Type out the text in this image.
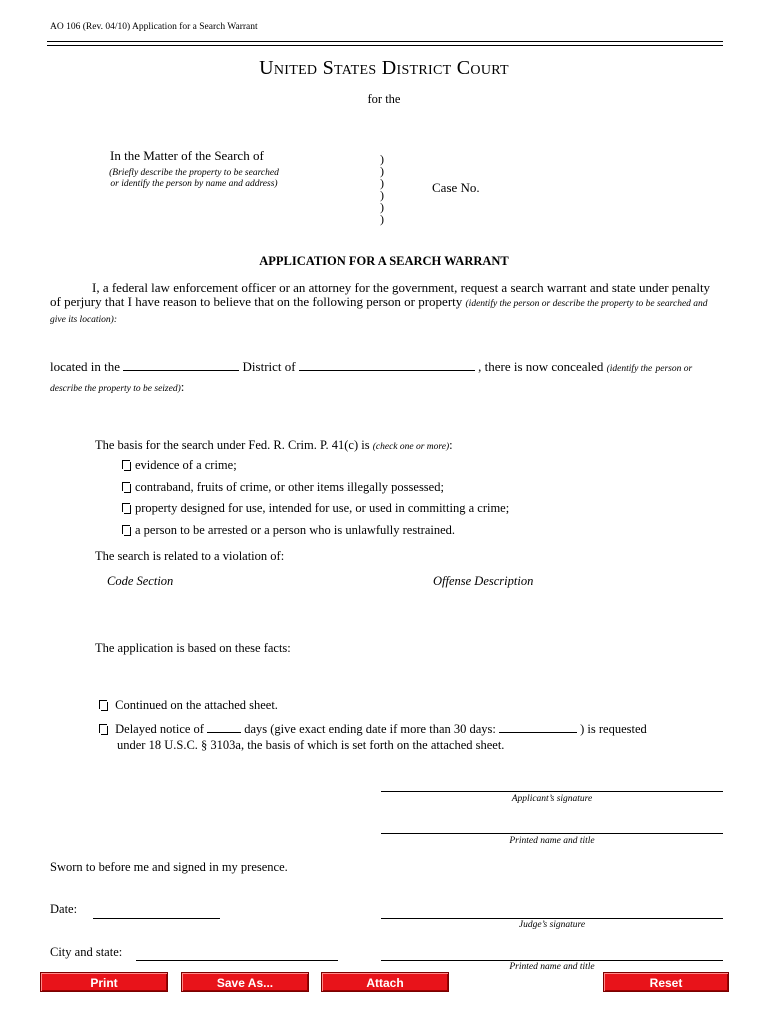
AO 106 (Rev. 04/10) Application for a Search Warrant
United States District Court
for the
In the Matter of the Search of
(Briefly describe the property to be searched
or identify the person by name and address)
)
)
)
)
)
)
Case No.
APPLICATION FOR A SEARCH WARRANT
I, a federal law enforcement officer or an attorney for the government, request a search warrant and state under penalty of perjury that I have reason to believe that on the following person or property (identify the person or describe the property to be searched and give its location):
located in the	District of	, there is now concealed (identify the person or describe the property to be seized):
The basis for the search under Fed. R. Crim. P. 41(c) is (check one or more):
evidence of a crime;
contraband, fruits of crime, or other items illegally possessed;
property designed for use, intended for use, or used in committing a crime;
a person to be arrested or a person who is unlawfully restrained.
The search is related to a violation of:
Code Section	Offense Description
The application is based on these facts:
Continued on the attached sheet.
Delayed notice of	days (give exact ending date if more than 30 days:	) is requested
under 18 U.S.C. § 3103a, the basis of which is set forth on the attached sheet.
Applicant’s signature
Printed name and title
Sworn to before me and signed in my presence.
Date:
Judge’s signature
City and state:
Printed name and title
Print	Save As...	Attach	Reset
